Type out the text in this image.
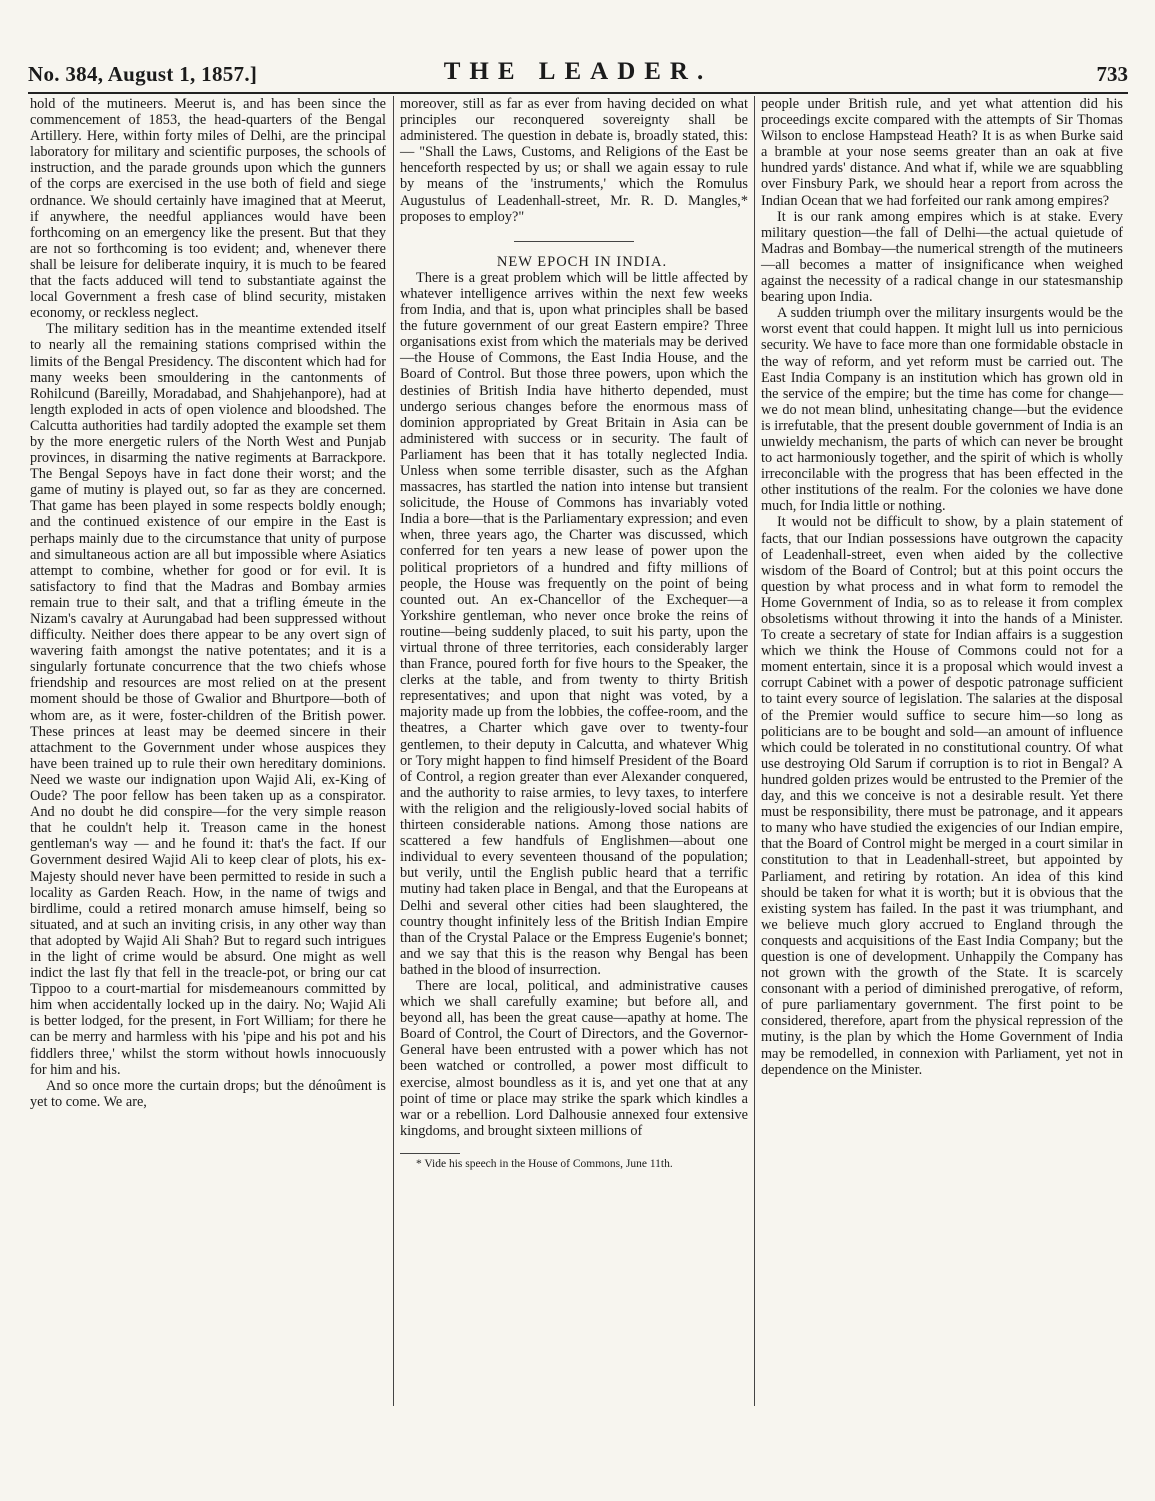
No. 384, August 1, 1857.]	THE LEADER.	733

hold of the mutineers. Meerut is, and has been since the commencement of 1853, the head-quarters of the Bengal Artillery. Here, within forty miles of Delhi, are the principal laboratory for military and scientific purposes, the schools of instruction, and the parade grounds upon which the gunners of the corps are exercised in the use both of field and siege ordnance. We should certainly have imagined that at Meerut, if anywhere, the needful appliances would have been forthcoming on an emergency like the present. But that they are not so forthcoming is too evident; and, whenever there shall be leisure for deliberate inquiry, it is much to be feared that the facts adduced will tend to substantiate against the local Government a fresh case of blind security, mistaken economy, or reckless neglect.

The military sedition has in the meantime extended itself to nearly all the remaining stations comprised within the limits of the Bengal Presidency. The discontent which had for many weeks been smouldering in the cantonments of Rohilcund (Bareilly, Moradabad, and Shahjehanpore), had at length exploded in acts of open violence and bloodshed. The Calcutta authorities had tardily adopted the example set them by the more energetic rulers of the North West and Punjab provinces, in disarming the native regiments at Barrackpore. The Bengal Sepoys have in fact done their worst; and the game of mutiny is played out, so far as they are concerned. That game has been played in some respects boldly enough; and the continued existence of our empire in the East is perhaps mainly due to the circumstance that unity of purpose and simultaneous action are all but impossible where Asiatics attempt to combine, whether for good or for evil. It is satisfactory to find that the Madras and Bombay armies remain true to their salt, and that a trifling émeute in the Nizam's cavalry at Aurungabad had been suppressed without difficulty. Neither does there appear to be any overt sign of wavering faith amongst the native potentates; and it is a singularly fortunate concurrence that the two chiefs whose friendship and resources are most relied on at the present moment should be those of Gwalior and Bhurtpore—both of whom are, as it were, foster-children of the British power. These princes at least may be deemed sincere in their attachment to the Government under whose auspices they have been trained up to rule their own hereditary dominions. Need we waste our indignation upon Wajid Ali, ex-King of Oude? The poor fellow has been taken up as a conspirator. And no doubt he did conspire—for the very simple reason that he couldn't help it. Treason came in the honest gentleman's way — and he found it: that's the fact. If our Government desired Wajid Ali to keep clear of plots, his ex-Majesty should never have been permitted to reside in such a locality as Garden Reach. How, in the name of twigs and birdlime, could a retired monarch amuse himself, being so situated, and at such an inviting crisis, in any other way than that adopted by Wajid Ali Shah? But to regard such intrigues in the light of crime would be absurd. One might as well indict the last fly that fell in the treacle-pot, or bring our cat Tippoo to a court-martial for misdemeanours committed by him when accidentally locked up in the dairy. No; Wajid Ali is better lodged, for the present, in Fort William; for there he can be merry and harmless with his 'pipe and his pot and his fiddlers three,' whilst the storm without howls innocuously for him and his.

And so once more the curtain drops; but the dénoûment is yet to come. We are,

moreover, still as far as ever from having decided on what principles our reconquered sovereignty shall be administered. The question in debate is, broadly stated, this:— "Shall the Laws, Customs, and Religions of the East be henceforth respected by us; or shall we again essay to rule by means of the 'instruments,' which the Romulus Augustulus of Leadenhall-street, Mr. R. D. Mangles,* proposes to employ?"

NEW EPOCH IN INDIA.

There is a great problem which will be little affected by whatever intelligence arrives within the next few weeks from India, and that is, upon what principles shall be based the future government of our great Eastern empire? Three organisations exist from which the materials may be derived—the House of Commons, the East India House, and the Board of Control. But those three powers, upon which the destinies of British India have hitherto depended, must undergo serious changes before the enormous mass of dominion appropriated by Great Britain in Asia can be administered with success or in security. The fault of Parliament has been that it has totally neglected India. Unless when some terrible disaster, such as the Afghan massacres, has startled the nation into intense but transient solicitude, the House of Commons has invariably voted India a bore—that is the Parliamentary expression; and even when, three years ago, the Charter was discussed, which conferred for ten years a new lease of power upon the political proprietors of a hundred and fifty millions of people, the House was frequently on the point of being counted out. An ex-Chancellor of the Exchequer—a Yorkshire gentleman, who never once broke the reins of routine—being suddenly placed, to suit his party, upon the virtual throne of three territories, each considerably larger than France, poured forth for five hours to the Speaker, the clerks at the table, and from twenty to thirty British representatives; and upon that night was voted, by a majority made up from the lobbies, the coffee-room, and the theatres, a Charter which gave over to twenty-four gentlemen, to their deputy in Calcutta, and whatever Whig or Tory might happen to find himself President of the Board of Control, a region greater than ever Alexander conquered, and the authority to raise armies, to levy taxes, to interfere with the religion and the religiously-loved social habits of thirteen considerable nations. Among those nations are scattered a few handfuls of Englishmen—about one individual to every seventeen thousand of the population; but verily, until the English public heard that a terrific mutiny had taken place in Bengal, and that the Europeans at Delhi and several other cities had been slaughtered, the country thought infinitely less of the British Indian Empire than of the Crystal Palace or the Empress Eugenie's bonnet; and we say that this is the reason why Bengal has been bathed in the blood of insurrection.

There are local, political, and administrative causes which we shall carefully examine; but before all, and beyond all, has been the great cause—apathy at home. The Board of Control, the Court of Directors, and the Governor-General have been entrusted with a power which has not been watched or controlled, a power most difficult to exercise, almost boundless as it is, and yet one that at any point of time or place may strike the spark which kindles a war or a rebellion. Lord Dalhousie annexed four extensive kingdoms, and brought sixteen millions of

* Vide his speech in the House of Commons, June 11th.

people under British rule, and yet what attention did his proceedings excite compared with the attempts of Sir Thomas Wilson to enclose Hampstead Heath? It is as when Burke said a bramble at your nose seems greater than an oak at five hundred yards' distance. And what if, while we are squabbling over Finsbury Park, we should hear a report from across the Indian Ocean that we had forfeited our rank among empires?

It is our rank among empires which is at stake. Every military question—the fall of Delhi—the actual quietude of Madras and Bombay—the numerical strength of the mutineers—all becomes a matter of insignificance when weighed against the necessity of a radical change in our statesmanship bearing upon India.

A sudden triumph over the military insurgents would be the worst event that could happen. It might lull us into pernicious security. We have to face more than one formidable obstacle in the way of reform, and yet reform must be carried out. The East India Company is an institution which has grown old in the service of the empire; but the time has come for change—we do not mean blind, unhesitating change—but the evidence is irrefutable, that the present double government of India is an unwieldy mechanism, the parts of which can never be brought to act harmoniously together, and the spirit of which is wholly irreconcilable with the progress that has been effected in the other institutions of the realm. For the colonies we have done much, for India little or nothing.

It would not be difficult to show, by a plain statement of facts, that our Indian possessions have outgrown the capacity of Leadenhall-street, even when aided by the collective wisdom of the Board of Control; but at this point occurs the question by what process and in what form to remodel the Home Government of India, so as to release it from complex obsoletisms without throwing it into the hands of a Minister. To create a secretary of state for Indian affairs is a suggestion which we think the House of Commons could not for a moment entertain, since it is a proposal which would invest a corrupt Cabinet with a power of despotic patronage sufficient to taint every source of legislation. The salaries at the disposal of the Premier would suffice to secure him—so long as politicians are to be bought and sold—an amount of influence which could be tolerated in no constitutional country. Of what use destroying Old Sarum if corruption is to riot in Bengal? A hundred golden prizes would be entrusted to the Premier of the day, and this we conceive is not a desirable result. Yet there must be responsibility, there must be patronage, and it appears to many who have studied the exigencies of our Indian empire, that the Board of Control might be merged in a court similar in constitution to that in Leadenhall-street, but appointed by Parliament, and retiring by rotation. An idea of this kind should be taken for what it is worth; but it is obvious that the existing system has failed. In the past it was triumphant, and we believe much glory accrued to England through the conquests and acquisitions of the East India Company; but the question is one of development. Unhappily the Company has not grown with the growth of the State. It is scarcely consonant with a period of diminished prerogative, of reform, of pure parliamentary government. The first point to be considered, therefore, apart from the physical repression of the mutiny, is the plan by which the Home Government of India may be remodelled, in connexion with Parliament, yet not in dependence on the Minister.
